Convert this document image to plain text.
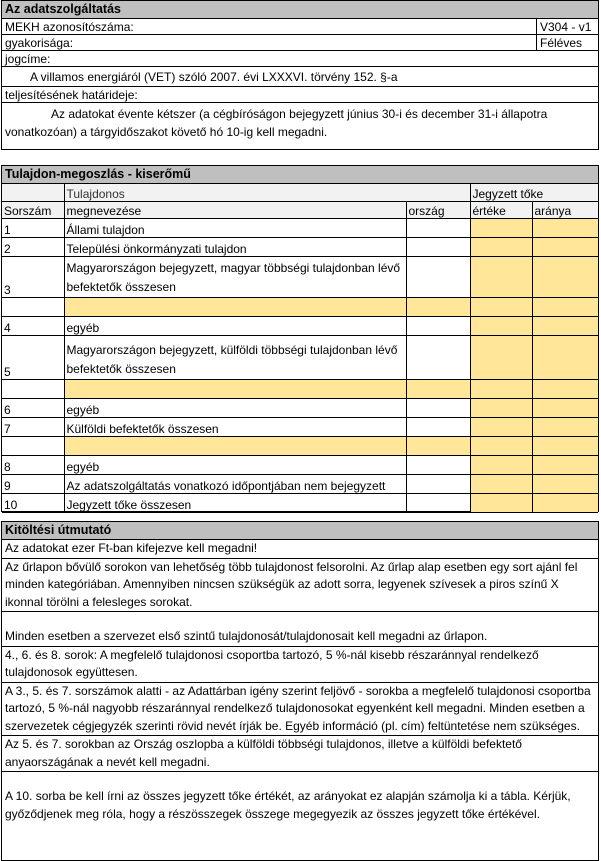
Az adatszolgáltatás
MEKH azonosítószáma:	V304 - v1
gyakorisága:	Féléves
jogcíme:
A villamos energiáról (VET) szóló 2007. évi LXXXVI. törvény 152. §-a
teljesítésének határideje:
Az adatokat évente kétszer (a cégbíróságon bejegyzett június 30-i és december 31-i állapotra vonatkozóan) a tárgyidőszakot követő hó 10-ig kell megadni.
Tulajdon-megoszlás - kiserőmű
	Tulajdonos		Jegyzett tőke	
Sorszám	megnevezése	ország	értéke	aránya
1	Állami tulajdon			
2	Települési önkormányzati tulajdon			
3	Magyarországon bejegyzett, magyar többségi tulajdonban lévő befektetők összesen			

4	egyéb			
5	Magyarországon bejegyzett, külföldi többségi tulajdonban lévő befektetők összesen			

6	egyéb			
7	Külföldi befektetők összesen			

8	egyéb			
9	Az adatszolgáltatás vonatkozó időpontjában nem bejegyzett			
10	Jegyzett tőke összesen			
Kitöltési útmutató
Az adatokat ezer Ft-ban kifejezve kell megadni!
Az űrlapon bővülő sorokon van lehetőség több tulajdonost felsorolni. Az űrlap alap esetben egy sort ajánl fel minden kategóriában. Amennyiben nincsen szükségük az adott sorra, legyenek szívesek a piros színű X ikonnal törölni a felesleges sorokat.
Minden esetben a szervezet első szintű tulajdonosát/tulajdonosait kell megadni az űrlapon.
4., 6. és 8. sorok: A megfelelő tulajdonosi csoportba tartozó, 5 %-nál kisebb részaránnyal rendelkező tulajdonosok együttesen.
A 3., 5. és 7. sorszámok alatti - az Adattárban igény szerint feljövő - sorokba a megfelelő tulajdonosi csoportba tartozó, 5 %-nál nagyobb részaránnyal rendelkező tulajdonosokat egyenként kell megadni. Minden esetben a szervezetek cégjegyzék szerinti rövid nevét írják be. Egyéb információ (pl. cím) feltüntetése nem szükséges.
Az 5. és 7. sorokban az Ország oszlopba a külföldi többségi tulajdonos, illetve a külföldi befektető anyaországának a nevét kell megadni.
A 10. sorba be kell írni az összes jegyzett tőke értékét, az arányokat ez alapján számolja ki a tábla. Kérjük, győződjenek meg róla, hogy a részösszegek összege megegyezik az összes jegyzett tőke értékével.
